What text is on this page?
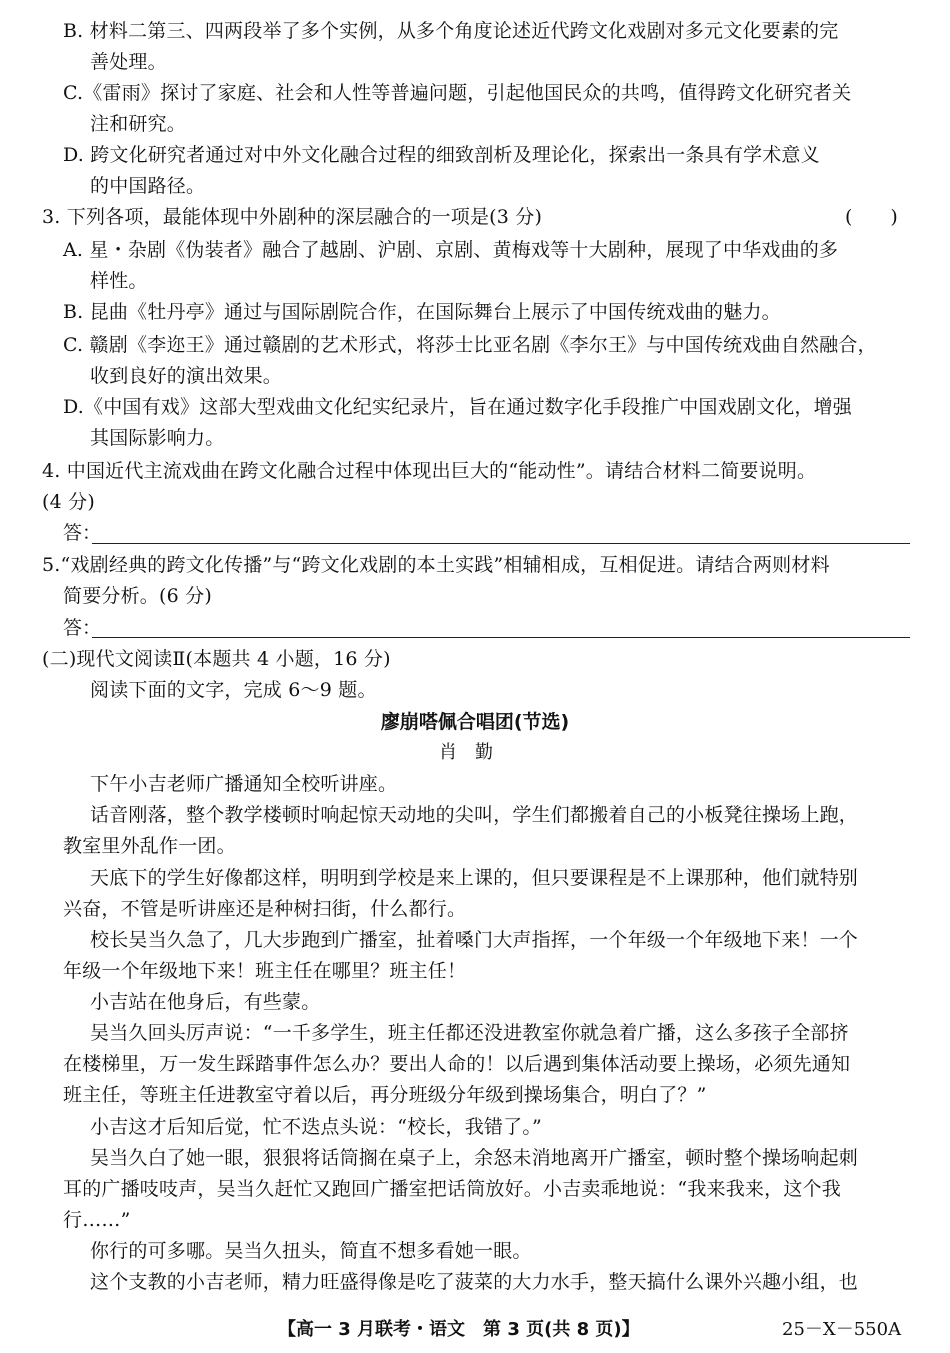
B. 材料二第三、四两段举了多个实例，从多个角度论述近代跨文化戏剧对多元文化要素的完
善处理。
C.《雷雨》探讨了家庭、社会和人性等普遍问题，引起他国民众的共鸣，值得跨文化研究者关
注和研究。
D. 跨文化研究者通过对中外文化融合过程的细致剖析及理论化，探索出一条具有学术意义
的中国路径。
3. 下列各项，最能体现中外剧种的深层融合的一项是(3 分)	(　　)
A. 星・杂剧《伪装者》融合了越剧、沪剧、京剧、黄梅戏等十大剧种，展现了中华戏曲的多
样性。
B. 昆曲《牡丹亭》通过与国际剧院合作，在国际舞台上展示了中国传统戏曲的魅力。
C. 赣剧《李迩王》通过赣剧的艺术形式，将莎士比亚名剧《李尔王》与中国传统戏曲自然融合，
收到良好的演出效果。
D.《中国有戏》这部大型戏曲文化纪实纪录片，旨在通过数字化手段推广中国戏剧文化，增强
其国际影响力。
4. 中国近代主流戏曲在跨文化融合过程中体现出巨大的“能动性”。请结合材料二简要说明。
(4 分)
答：
5.“戏剧经典的跨文化传播”与“跨文化戏剧的本土实践”相辅相成，互相促进。请结合两则材料
简要分析。(6 分)
答：
(二)现代文阅读Ⅱ(本题共 4 小题，16 分)
阅读下面的文字，完成 6～9 题。
廖崩嗒佩合唱团(节选)
肖勤
下午小吉老师广播通知全校听讲座。
话音刚落，整个教学楼顿时响起惊天动地的尖叫，学生们都搬着自己的小板凳往操场上跑，
教室里外乱作一团。
天底下的学生好像都这样，明明到学校是来上课的，但只要课程是不上课那种，他们就特别
兴奋，不管是听讲座还是种树扫街，什么都行。
校长吴当久急了，几大步跑到广播室，扯着嗓门大声指挥，一个年级一个年级地下来！一个
年级一个年级地下来！班主任在哪里？班主任！
小吉站在他身后，有些蒙。
吴当久回头厉声说：“一千多学生，班主任都还没进教室你就急着广播，这么多孩子全部挤
在楼梯里，万一发生踩踏事件怎么办？要出人命的！以后遇到集体活动要上操场，必须先通知
班主任，等班主任进教室守着以后，再分班级分年级到操场集合，明白了？”
小吉这才后知后觉，忙不迭点头说：“校长，我错了。”
吴当久白了她一眼，狠狠将话筒搁在桌子上，余怒未消地离开广播室，顿时整个操场响起刺
耳的广播吱吱声，吴当久赶忙又跑回广播室把话筒放好。小吉卖乖地说：“我来我来，这个我
行……”
你行的可多哪。吴当久扭头，简直不想多看她一眼。
这个支教的小吉老师，精力旺盛得像是吃了菠菜的大力水手，整天搞什么课外兴趣小组，也
【高一 3 月联考・语文　第 3 页(共 8 页)】	25－X－550A
